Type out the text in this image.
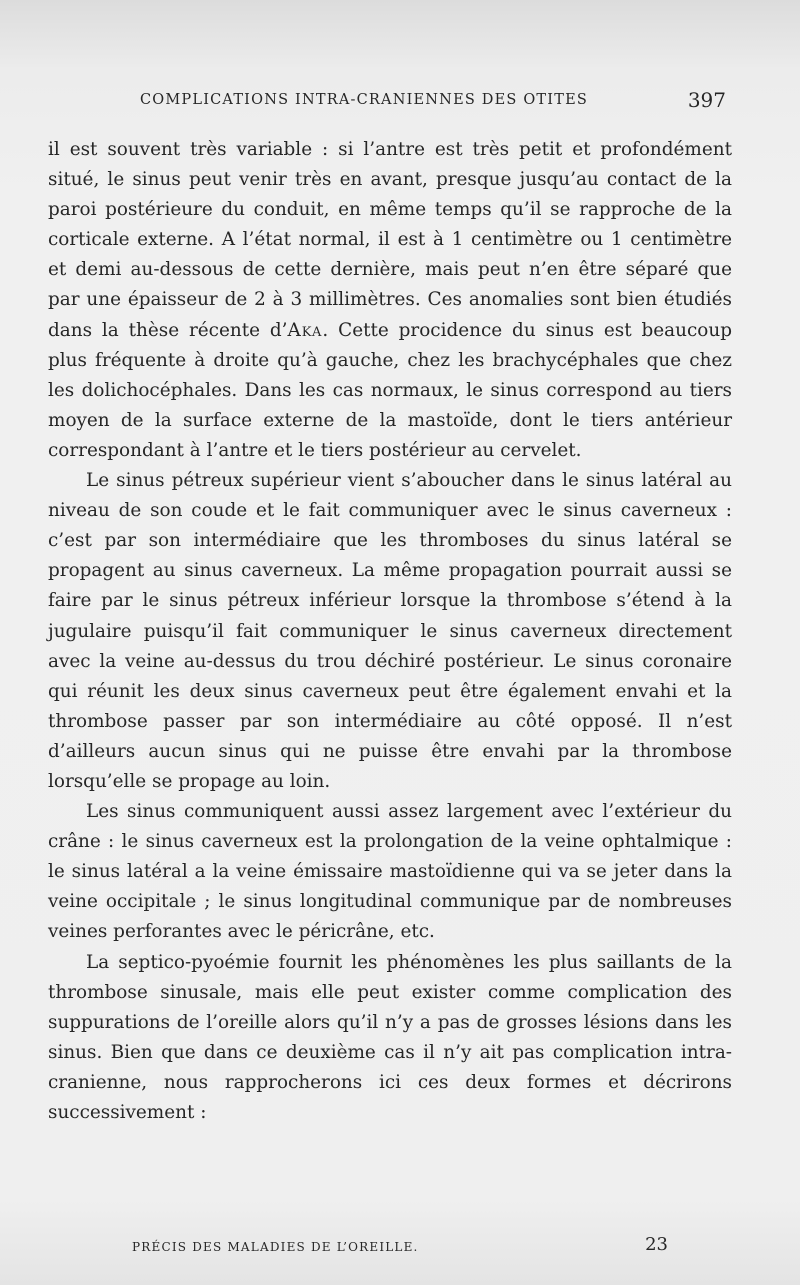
COMPLICATIONS INTRA-CRANIENNES DES OTITES	397

il est souvent très variable : si l’antre est très petit et profondément situé, le sinus peut venir très en avant, presque jusqu’au contact de la paroi postérieure du conduit, en même temps qu’il se rapproche de la corticale externe. A l’état normal, il est à 1 centimètre ou 1 centimètre et demi au-dessous de cette dernière, mais peut n’en être séparé que par une épaisseur de 2 à 3 millimètres. Ces anomalies sont bien étudiés dans la thèse récente d’Aka. Cette procidence du sinus est beaucoup plus fréquente à droite qu’à gauche, chez les brachycéphales que chez les dolichocéphales. Dans les cas normaux, le sinus correspond au tiers moyen de la surface externe de la mastoïde, dont le tiers antérieur correspondant à l’antre et le tiers postérieur au cervelet.

Le sinus pétreux supérieur vient s’aboucher dans le sinus latéral au niveau de son coude et le fait communiquer avec le sinus caverneux : c’est par son intermédiaire que les thromboses du sinus latéral se propagent au sinus caverneux. La même propagation pourrait aussi se faire par le sinus pétreux inférieur lorsque la thrombose s’étend à la jugulaire puisqu’il fait communiquer le sinus caverneux directement avec la veine au-dessus du trou déchiré postérieur. Le sinus coronaire qui réunit les deux sinus caverneux peut être également envahi et la thrombose passer par son intermédiaire au côté opposé. Il n’est d’ailleurs aucun sinus qui ne puisse être envahi par la thrombose lorsqu’elle se propage au loin.

Les sinus communiquent aussi assez largement avec l’extérieur du crâne : le sinus caverneux est la prolongation de la veine ophtalmique : le sinus latéral a la veine émissaire mastoïdienne qui va se jeter dans la veine occipitale ; le sinus longitudinal communique par de nombreuses veines perforantes avec le péricrâne, etc.

La septico-pyoémie fournit les phénomènes les plus saillants de la thrombose sinusale, mais elle peut exister comme complication des suppurations de l’oreille alors qu’il n’y a pas de grosses lésions dans les sinus. Bien que dans ce deuxième cas il n’y ait pas complication intra-cranienne, nous rapprocherons ici ces deux formes et décrirons successivement :

PRÉCIS DES MALADIES DE L’OREILLE.	23
